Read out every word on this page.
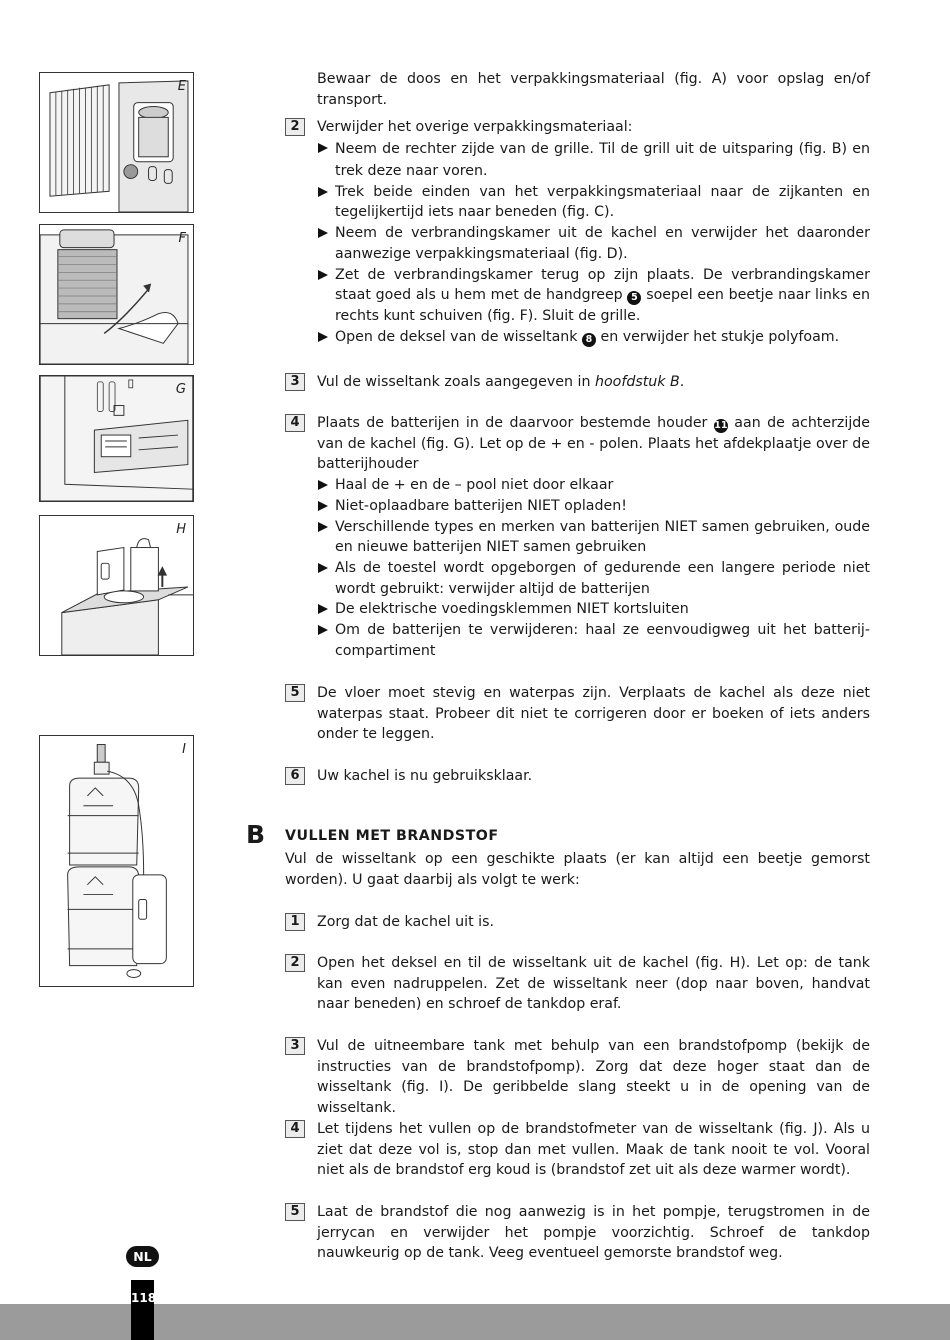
E
F
G
H
I
Bewaar de doos en het verpakkingsmateriaal (fig. A) voor opslag en/of transport.
2	Verwijder het overige verpakkingsmateriaal:
Neem de rechter zijde van de grille. Til de grill uit de uitsparing (fig. B) en trek deze naar voren.
Trek beide einden van het verpakkingsmateriaal naar de zijkanten en tegelijkertijd iets naar beneden (fig. C).
Neem de verbrandingskamer uit de kachel en verwijder het daaronder aanwezige verpakkingsmateriaal (fig. D).
Zet de verbrandingskamer terug op zijn plaats. De verbrandingskamer staat goed als u hem met de handgreep 5 soepel een beetje naar links en rechts kunt schuiven (fig. F). Sluit de grille.
Open de deksel van de wisseltank 8 en verwijder het stukje polyfoam.
3	Vul de wisseltank zoals aangegeven in hoofdstuk B.
4	Plaats de batterijen in de daarvoor bestemde houder 11 aan de achterzijde van de kachel (fig. G). Let op de + en - polen. Plaats het afdekplaatje over de batterijhouder
Haal de + en de – pool niet door elkaar
Niet-oplaadbare batterijen NIET opladen!
Verschillende types en merken van batterijen NIET samen gebruiken, oude en nieuwe batterijen NIET samen gebruiken
Als de toestel wordt opgeborgen of gedurende een langere periode niet wordt gebruikt: verwijder altijd de batterijen
De elektrische voedingsklemmen NIET kortsluiten
Om de batterijen te verwijderen: haal ze eenvoudigweg uit het batterij-compartiment
5	De vloer moet stevig en waterpas zijn. Verplaats de kachel als deze niet waterpas staat. Probeer dit niet te corrigeren door er boeken of iets anders onder te leggen.
6	Uw kachel is nu gebruiksklaar.
B VULLEN MET BRANDSTOF
Vul de wisseltank op een geschikte plaats (er kan altijd een beetje gemorst worden). U gaat daarbij als volgt te werk:
1	Zorg dat de kachel uit is.
2	Open het deksel en til de wisseltank uit de kachel (fig. H). Let op: de tank kan even nadruppelen. Zet de wisseltank neer (dop naar boven, handvat naar beneden) en schroef de tankdop eraf.
3	Vul de uitneembare tank met behulp van een brandstofpomp (bekijk de instructies van de brandstofpomp). Zorg dat deze hoger staat dan de wisseltank (fig. I). De geribbelde slang steekt u in de opening van de wisseltank.
4	Let tijdens het vullen op de brandstofmeter van de wisseltank (fig. J). Als u ziet dat deze vol is, stop dan met vullen. Maak de tank nooit te vol. Vooral niet als de brandstof erg koud is (brandstof zet uit als deze warmer wordt).
5	Laat de brandstof die nog aanwezig is in het pompje, terugstromen in de jerrycan en verwijder het pompje voorzichtig. Schroef de tankdop nauwkeurig op de tank. Veeg eventueel gemorste brandstof weg.
NL
118
